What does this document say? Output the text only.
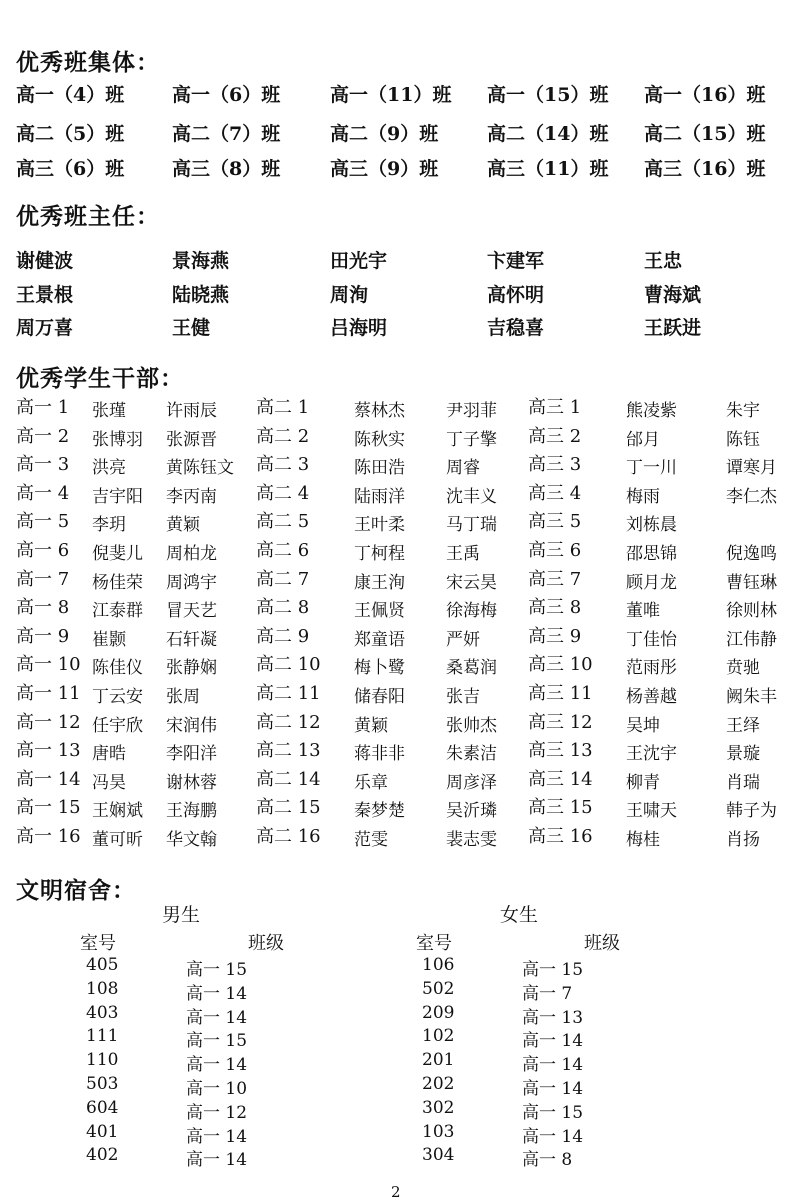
优秀班集体：
高一（4）班	高一（6）班	高一（11）班 高一（15）班 高一（16）班
高二（5）班	高二（7）班	高二（9）班	高二（14）班 高二（15）班
高三（6）班	高三（8）班	高三（9）班	高三（11）班 高三（16）班
优秀班主任：
谢健波	景海燕	田光宇	卞建军	王忠
王景根	陆晓燕	周洵	高怀明	曹海斌
周万喜	王健	吕海明	吉稳喜	王跃进
优秀学生干部：
高一 1 张瑾 许雨辰 高二 1	蔡林杰 尹羽菲 高三 1	熊凌紫	朱宇
高一 2 张博羽 张源晋 高二 2	陈秋实 丁子擎 高三 2	邰月	陈钰
高一 3 洪亮 黄陈钰文 高二 3	陈田浩 周睿	高三 3	丁一川	谭寒月
高一 4 吉宇阳 李丙南 高二 4	陆雨洋 沈丰义 高三 4	梅雨	李仁杰
高一 5 李玥 黄颖	高二 5	王叶柔 马丁瑞 高三 5	刘栋晨
高一 6 倪斐儿 周柏龙 高二 6	丁柯程 王禹	高三 6	邵思锦	倪逸鸣
高一 7 杨佳荣 周鸿宇 高二 7	康王洵 宋云昊 高三 7	顾月龙	曹钰琳
高一 8 江泰群 冒天艺 高二 8	王佩贤 徐海梅 高三 8	董唯	徐则林
高一 9 崔颢 石轩凝 高二 9	郑童语 严妍	高三 9	丁佳怡	江伟静
高一 10 陈佳仪 张静娴 高二 10 梅卜鹭 桑葛润 高三 10 范雨彤	贲驰
高一 11 丁云安 张周	高二 11 储春阳 张吉	高三 11 杨善越	阙朱丰
高一 12 任宇欣 宋润伟 高二 12 黄颖	张帅杰 高三 12 吴坤	王绎
高一 13 唐晧 李阳洋 高二 13 蒋非非 朱素洁 高三 13 王沈宇	景璇
高一 14 冯昊 谢林蓉 高二 14 乐章	周彦泽 高三 14 柳青	肖瑞
高一 15 王娴斌 王海鹏 高二 15 秦梦楚 吴沂璘 高三 15 王啸天	韩子为
高一 16 董可昕 华文翰 高二 16 范雯	裴志雯 高三 16 梅桂	肖扬
文明宿舍：
男生	女生
室号	班级	室号	班级
405	高一 15
108	高一 14
403	高一 14
111	高一 15
110	高一 14
503	高一 10
604	高一 12
401	高一 14
402	高一 14
106	高一 15
502	高一 7
209	高一 13
102	高一 14
201	高一 14
202	高一 14
302	高一 15
103	高一 14
304	高一 8
2
